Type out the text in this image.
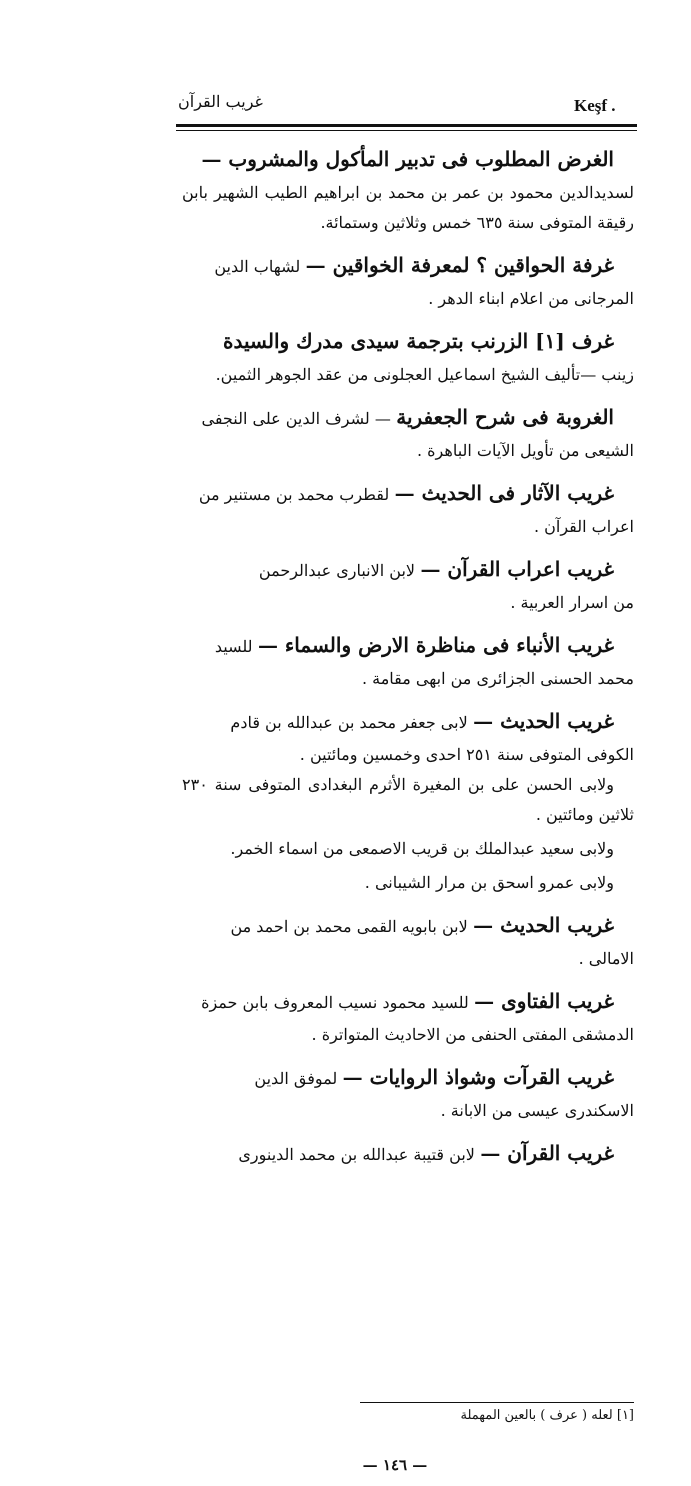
Keşf .
غريب القرآن
الغرض المطلوب فى تدبير المأكول والمشروب —
لسديدالدين محمود بن عمر بن محمد بن ابراهيم الطيب الشهير بابن رقيقة المتوفى سنة ٦٣٥ خمس وثلاثين وستمائة.
غرفة الحواقين ؟ لمعرفة الخواقين — لشهاب الدين
المرجانى من اعلام ابناء الدهر .
غرف [١] الزرنب بترجمة سيدى مدرك والسيدة
زينب —تأليف الشيخ اسماعيل العجلونى من عقد الجوهر الثمين.
الغروبة فى شرح الجعفرية — لشرف الدين على النجفى
الشيعى من تأويل الآيات الباهرة .
غريب الآثار فى الحديث — لقطرب محمد بن مستنير من
اعراب القرآن .
غريب اعراب القرآن — لابن الانبارى عبدالرحمن
من اسرار العربية .
غريب الأنباء فى مناظرة الارض والسماء — للسيد
محمد الحسنى الجزائرى من ابهى مقامة .
غريب الحديث — لابى جعفر محمد بن عبدالله بن قادم
الكوفى المتوفى سنة ٢٥١ احدى وخمسين ومائتين .
ولابى الحسن على بن المغيرة الأثرم البغدادى المتوفى سنة ٢٣٠ ثلاثين ومائتين .
ولابى سعيد عبدالملك بن قريب الاصمعى من اسماء الخمر.
ولابى عمرو اسحق بن مرار الشيبانى .
غريب الحديث — لابن بابويه القمى محمد بن احمد من
الامالى .
غريب الفتاوى — للسيد محمود نسيب المعروف بابن حمزة
الدمشقى المفتى الحنفى من الاحاديث المتواترة .
غريب القرآت وشواذ الروايات — لموفق الدين
الاسكندرى عيسى من الابانة .
غريب القرآن — لابن قتيبة عبدالله بن محمد الدينورى
[١] لعله ( عرف ) بالعين المهملة
— ١٤٦ —
